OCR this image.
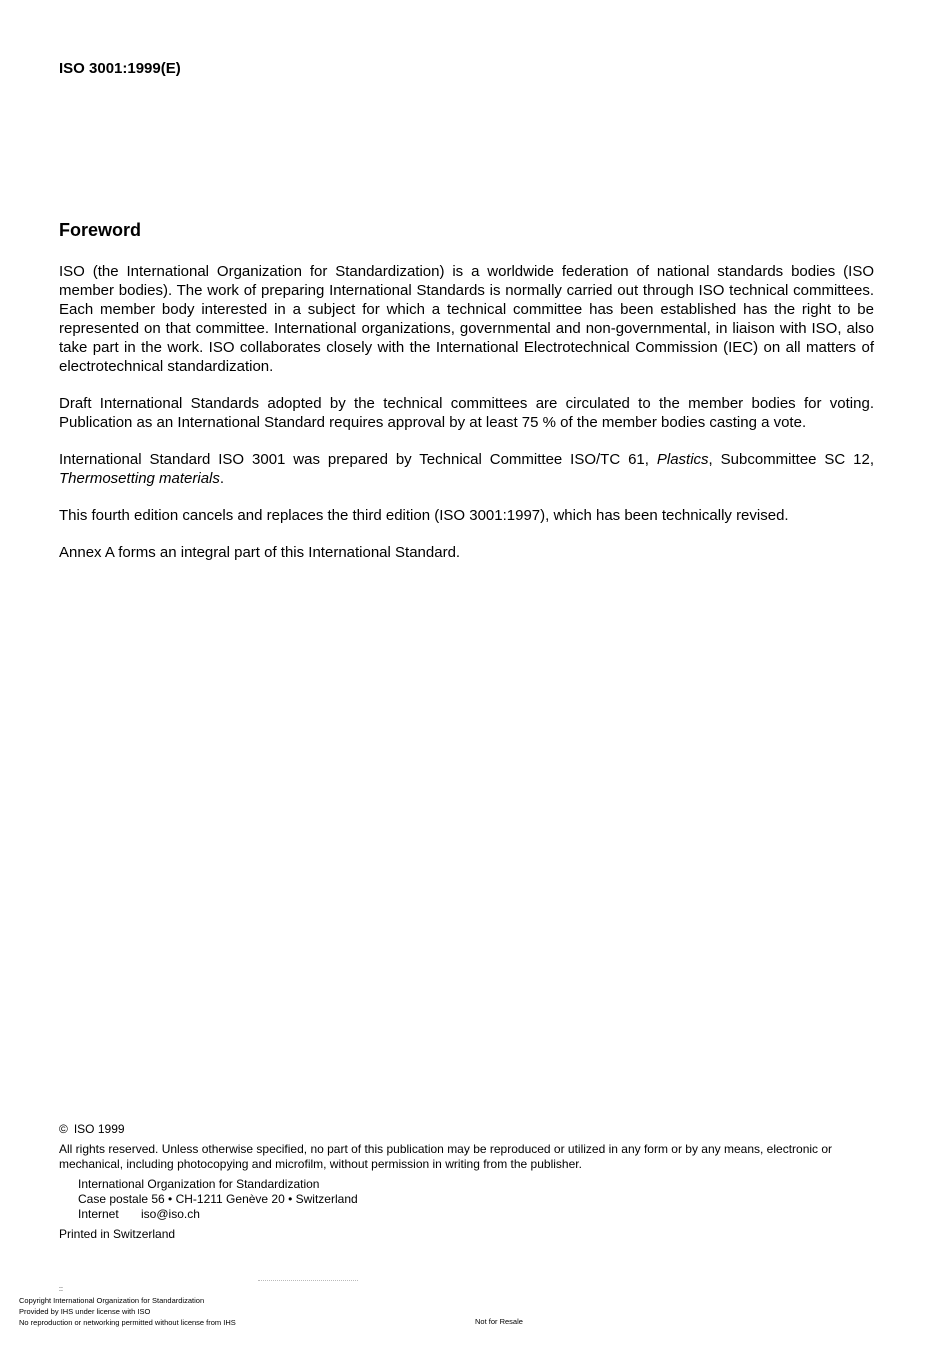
ISO 3001:1999(E)
Foreword

ISO (the International Organization for Standardization) is a worldwide federation of national standards bodies (ISO member bodies). The work of preparing International Standards is normally carried out through ISO technical committees. Each member body interested in a subject for which a technical committee has been established has the right to be represented on that committee. International organizations, governmental and non-governmental, in liaison with ISO, also take part in the work. ISO collaborates closely with the International Electrotechnical Commission (IEC) on all matters of electrotechnical standardization.

Draft International Standards adopted by the technical committees are circulated to the member bodies for voting. Publication as an International Standard requires approval by at least 75 % of the member bodies casting a vote.

International Standard ISO 3001 was prepared by Technical Committee ISO/TC 61, Plastics, Subcommittee SC 12, Thermosetting materials.

This fourth edition cancels and replaces the third edition (ISO 3001:1997), which has been technically revised.

Annex A forms an integral part of this International Standard.

© ISO 1999
All rights reserved. Unless otherwise specified, no part of this publication may be reproduced or utilized in any form or by any means, electronic or mechanical, including photocopying and microfilm, without permission in writing from the publisher.
International Organization for Standardization
Case postale 56 • CH-1211 Genève 20 • Switzerland
Internet iso@iso.ch
Printed in Switzerland
::
Copyright International Organization for Standardization
Provided by IHS under license with ISO
No reproduction or networking permitted without license from IHS	Not for Resale
